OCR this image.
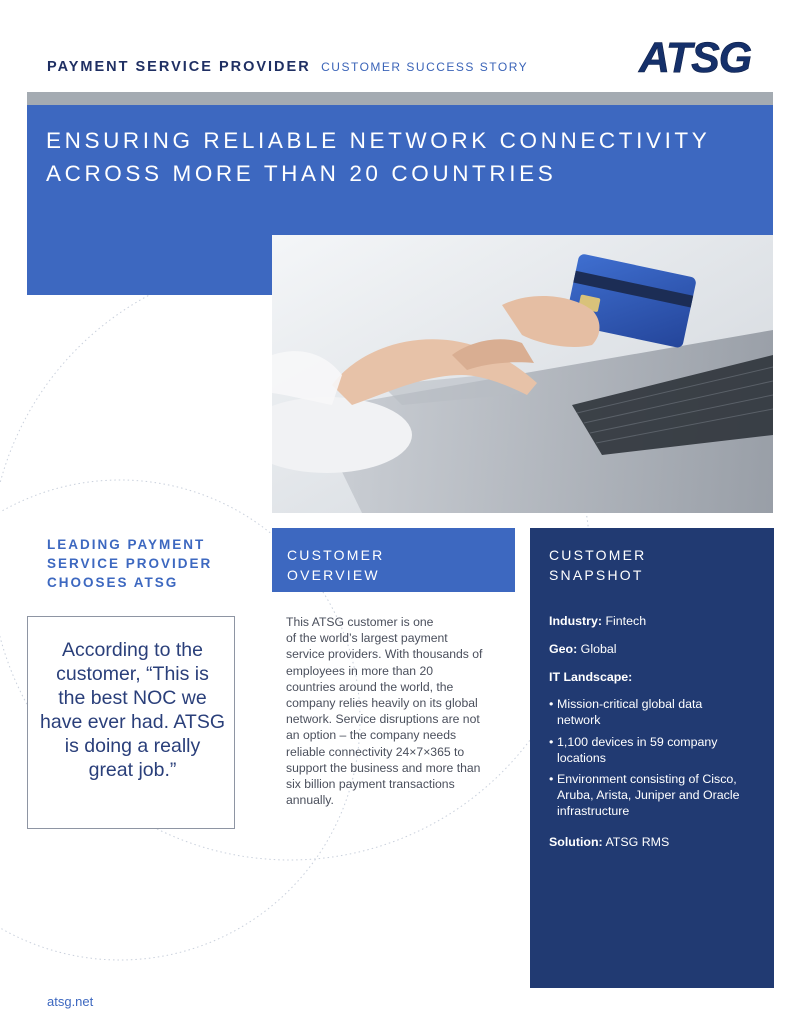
PAYMENT SERVICE PROVIDER CUSTOMER SUCCESS STORY	ATSG
ENSURING RELIABLE NETWORK CONNECTIVITY
ACROSS MORE THAN 20 COUNTRIES
LEADING PAYMENT
SERVICE PROVIDER
CHOOSES ATSG
According to the customer, “This is the best NOC we have ever had. ATSG is doing a really great job.”
CUSTOMER
OVERVIEW
This ATSG customer is one
of the world’s largest payment
service providers. With thousands of
employees in more than 20
countries around the world, the
company relies heavily on its global
network. Service disruptions are not
an option – the company needs
reliable connectivity 24×7×365 to
support the business and more than
six billion payment transactions
annually.
CUSTOMER
SNAPSHOT
Industry: Fintech
Geo: Global
IT Landscape:
• Mission-critical global data
network
• 1,100 devices in 59 company
locations
• Environment consisting of Cisco,
Aruba, Arista, Juniper and Oracle
infrastructure
Solution: ATSG RMS
atsg.net
